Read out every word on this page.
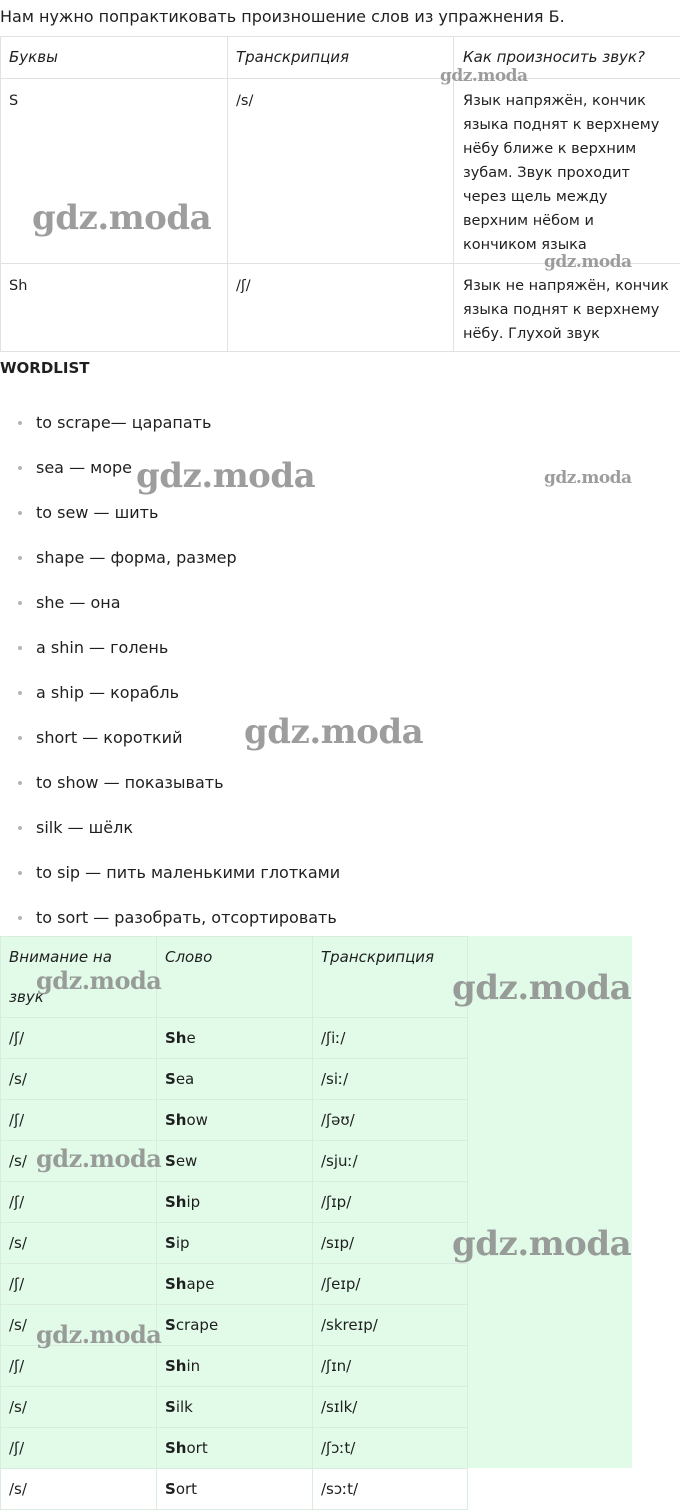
Нам нужно попрактиковать произношение слов из упражнения Б.
Буквы	Транскрипция	Как произносить звук?
S	/s/	Язык напряжён, кончик языка поднят к верхнему нёбу ближе к верхним зубам. Звук проходит через щель между верхним нёбом и кончиком языка
Sh	/ʃ/	Язык не напряжён, кончик языка поднят к верхнему нёбу. Глухой звук
WORDLIST
to scrape— царапать
sea — море
to sew — шить
shape — форма, размер
she — она
a shin — голень
a ship — корабль
short — короткий
to show — показывать
silk — шёлк
to sip — пить маленькими глотками
to sort — разобрать, отсортировать
Внимание на звук	Слово	Транскрипция
/ʃ/	She	/ʃiː/
/s/	Sea	/siː/
/ʃ/	Show	/ʃəʊ/
/s/	Sew	/sjuː/
/ʃ/	Ship	/ʃɪp/
/s/	Sip	/sɪp/
/ʃ/	Shape	/ʃeɪp/
/s/	Scrape	/skreɪp/
/ʃ/	Shin	/ʃɪn/
/s/	Silk	/sɪlk/
/ʃ/	Short	/ʃɔːt/
/s/	Sort	/sɔːt/
gdz.moda
gdz.moda
gdz.moda
gdz.moda	gdz.moda
gdz.moda
gdz.moda	gdz.moda
gdz.moda
gdz.moda
gdz.moda
